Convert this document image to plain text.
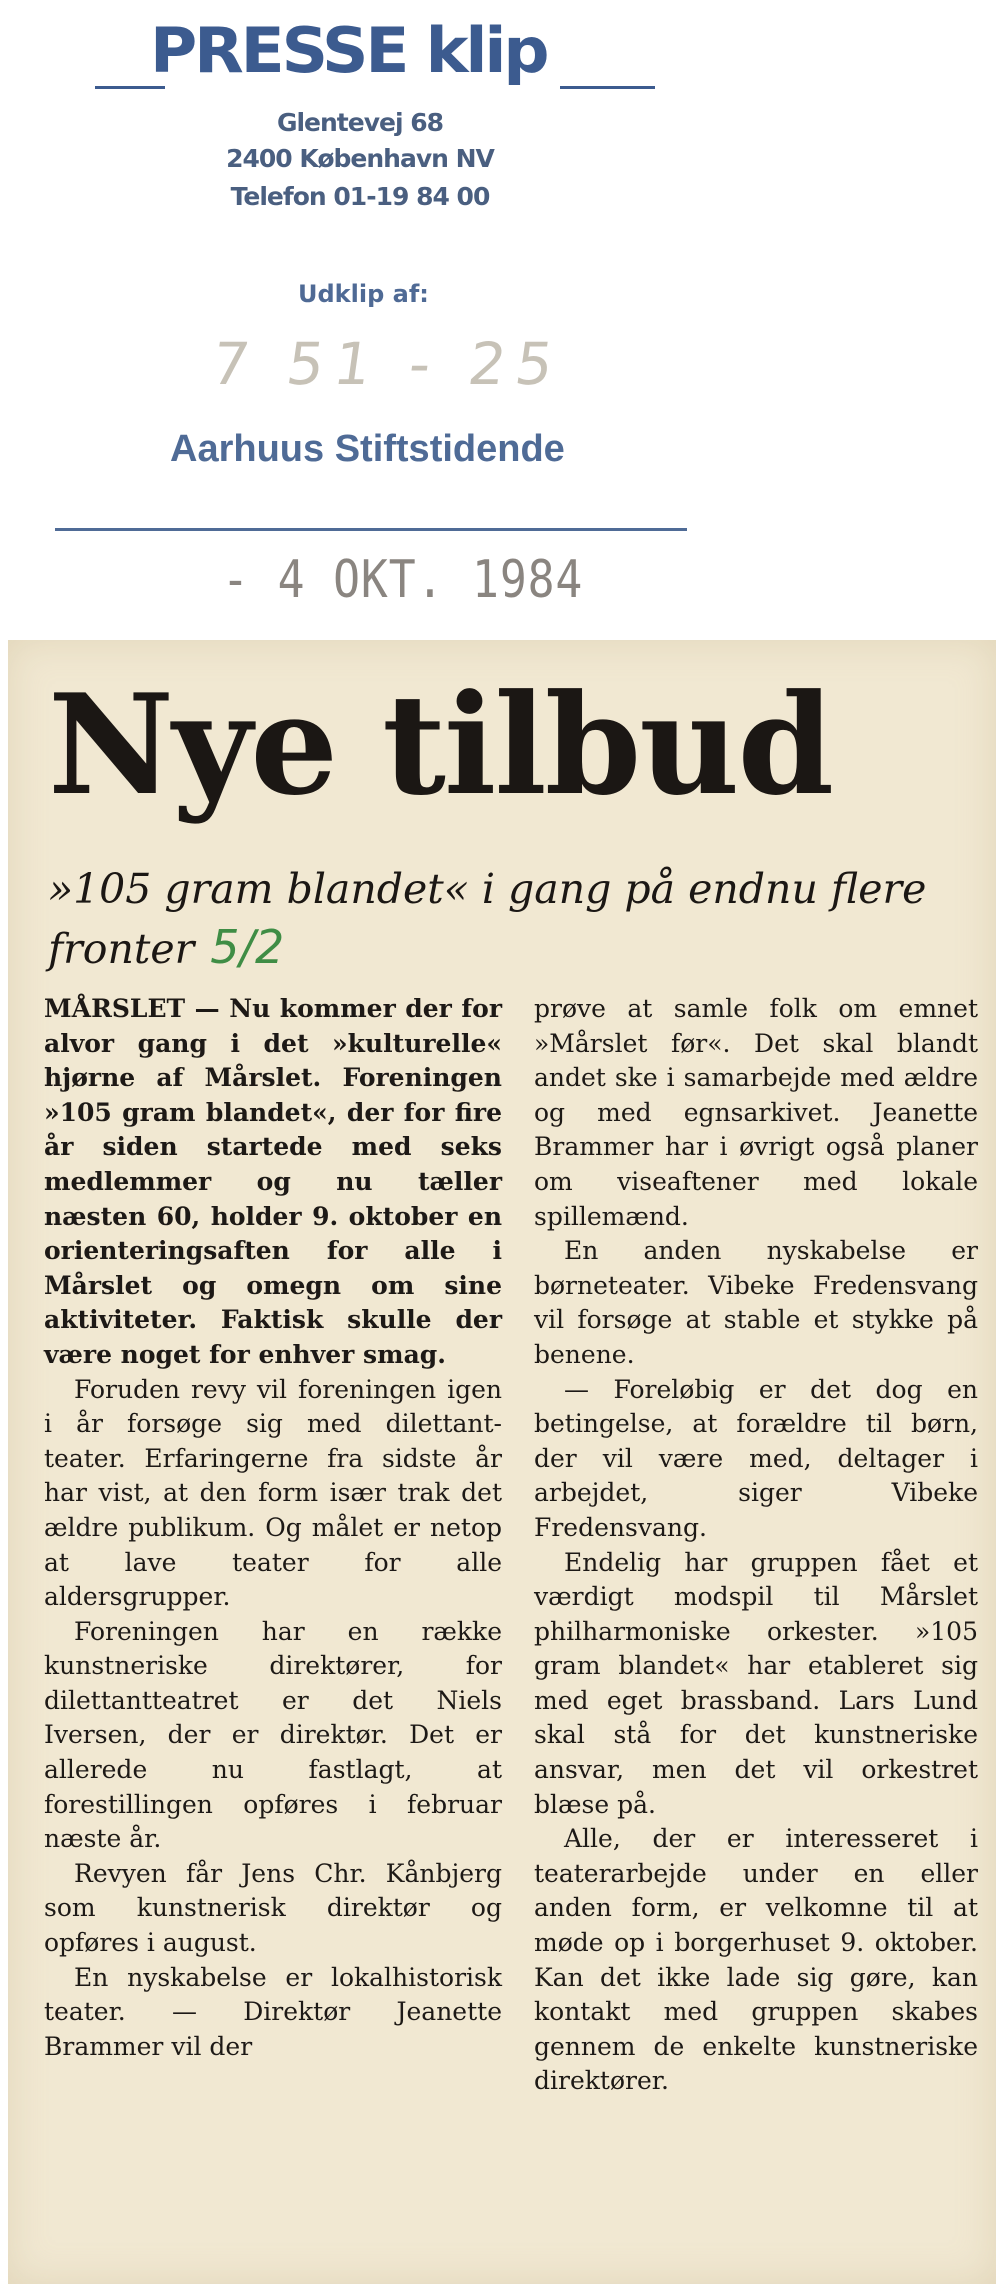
PRESSE klip
Glentevej 68
2400 København NV
Telefon 01-19 84 00
Udklip af:
7 51 - 25
Aarhuus Stiftstidende
- 4 OKT. 1984
Nye tilbud
»105 gram blandet« i gang på endnu flere fronter 5/2

MÅRSLET — Nu kommer der for alvor gang i det »kulturelle« hjørne af Mårslet. Foreningen »105 gram blandet«, der for fire år siden startede med seks medlemmer og nu tæller næsten 60, holder 9. oktober en orienteringsaften for alle i Mårslet og omegn om sine aktiviteter. Faktisk skulle der være noget for enhver smag.

Foruden revy vil foreningen igen i år forsøge sig med dilettant-teater. Erfaringerne fra sidste år har vist, at den form især trak det ældre publikum. Og målet er netop at lave teater for alle aldersgrupper.

Foreningen har en række kunstneriske direktører, for dilettantteatret er det Niels Iversen, der er direktør. Det er allerede nu fastlagt, at forestillingen opføres i februar næste år.

Revyen får Jens Chr. Kånbjerg som kunstnerisk direktør og opføres i august.

En nyskabelse er lokalhistorisk teater. — Direktør Jeanette Brammer vil der

prøve at samle folk om emnet »Mårslet før«. Det skal blandt andet ske i samarbejde med ældre og med egnsarkivet. Jeanette Brammer har i øvrigt også planer om viseaftener med lokale spillemænd.

En anden nyskabelse er børneteater. Vibeke Fredensvang vil forsøge at stable et stykke på benene.

— Foreløbig er det dog en betingelse, at forældre til børn, der vil være med, deltager i arbejdet, siger Vibeke Fredensvang.

Endelig har gruppen fået et værdigt modspil til Mårslet philharmoniske orkester. »105 gram blandet« har etableret sig med eget brassband. Lars Lund skal stå for det kunstneriske ansvar, men det vil orkestret blæse på.

Alle, der er interesseret i teaterarbejde under en eller anden form, er velkomne til at møde op i borgerhuset 9. oktober. Kan det ikke lade sig gøre, kan kontakt med gruppen skabes gennem de enkelte kunstneriske direktører.
